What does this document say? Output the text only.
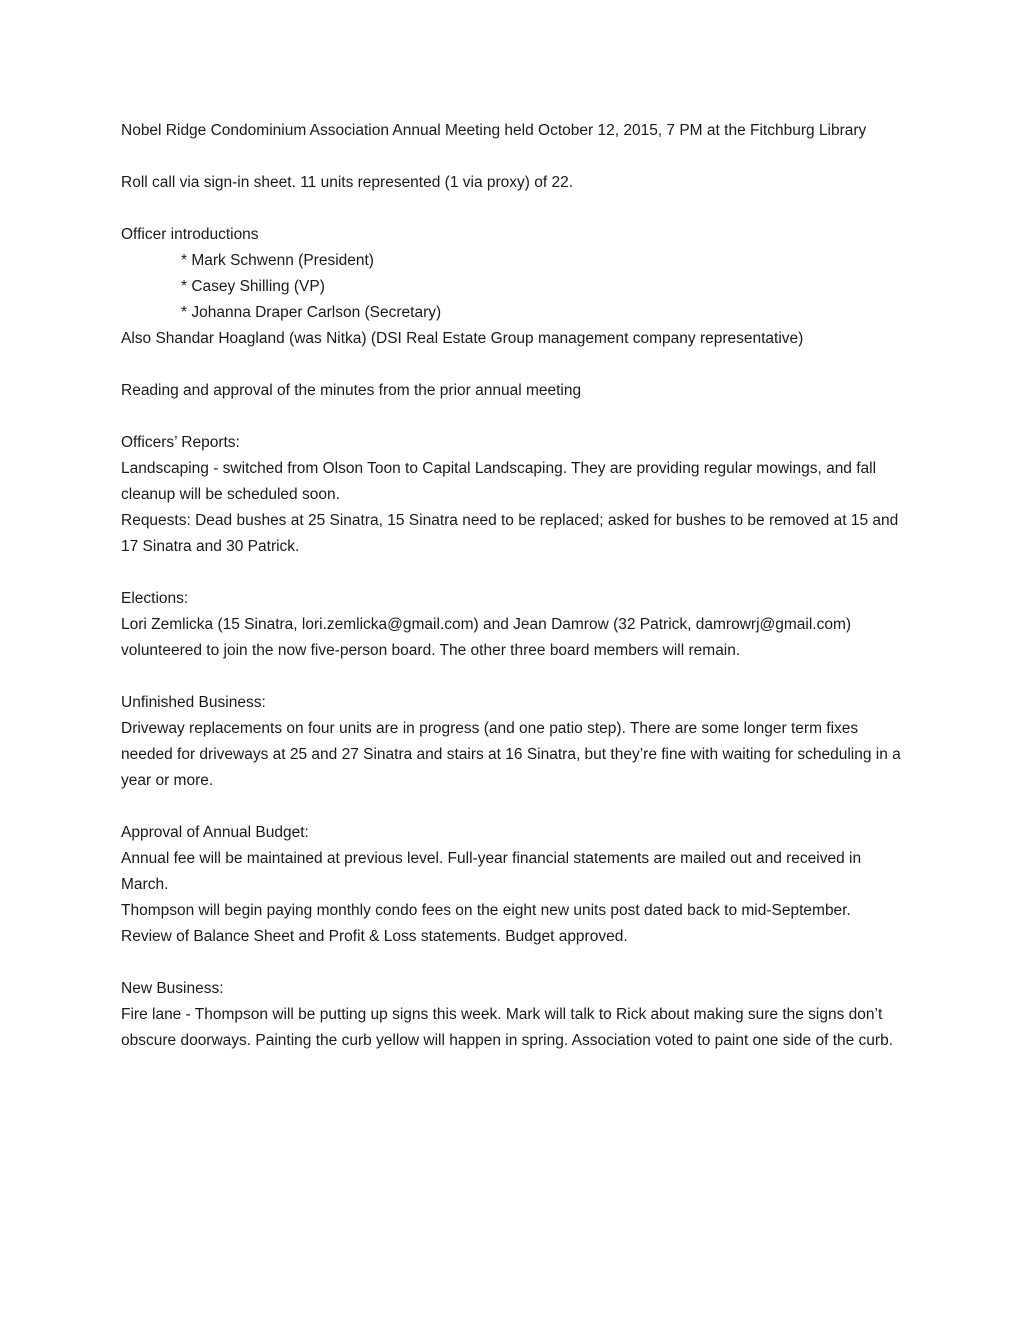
Nobel Ridge Condominium Association Annual Meeting held October 12, 2015, 7 PM at the Fitchburg Library

Roll call via sign-in sheet. 11 units represented (1 via proxy) of 22.

Officer introductions

* Mark Schwenn (President)

* Casey Shilling (VP)

* Johanna Draper Carlson (Secretary)

Also Shandar Hoagland (was Nitka) (DSI Real Estate Group management company representative)

Reading and approval of the minutes from the prior annual meeting

Officers’ Reports:

Landscaping - switched from Olson Toon to Capital Landscaping. They are providing regular mowings, and fall cleanup will be scheduled soon.

Requests: Dead bushes at 25 Sinatra, 15 Sinatra need to be replaced; asked for bushes to be removed at 15 and 17 Sinatra and 30 Patrick.

Elections:

Lori Zemlicka (15 Sinatra, lori.zemlicka@gmail.com) and Jean Damrow (32 Patrick, damrowrj@gmail.com) volunteered to join the now five-person board. The other three board members will remain.

Unfinished Business:

Driveway replacements on four units are in progress (and one patio step). There are some longer term fixes needed for driveways at 25 and 27 Sinatra and stairs at 16 Sinatra, but they’re fine with waiting for scheduling in a year or more.

Approval of Annual Budget:

Annual fee will be maintained at previous level. Full-year financial statements are mailed out and received in March.

Thompson will begin paying monthly condo fees on the eight new units post dated back to mid-September.

Review of Balance Sheet and Profit & Loss statements. Budget approved.

New Business:

Fire lane - Thompson will be putting up signs this week. Mark will talk to Rick about making sure the signs don’t obscure doorways. Painting the curb yellow will happen in spring. Association voted to paint one side of the curb.
